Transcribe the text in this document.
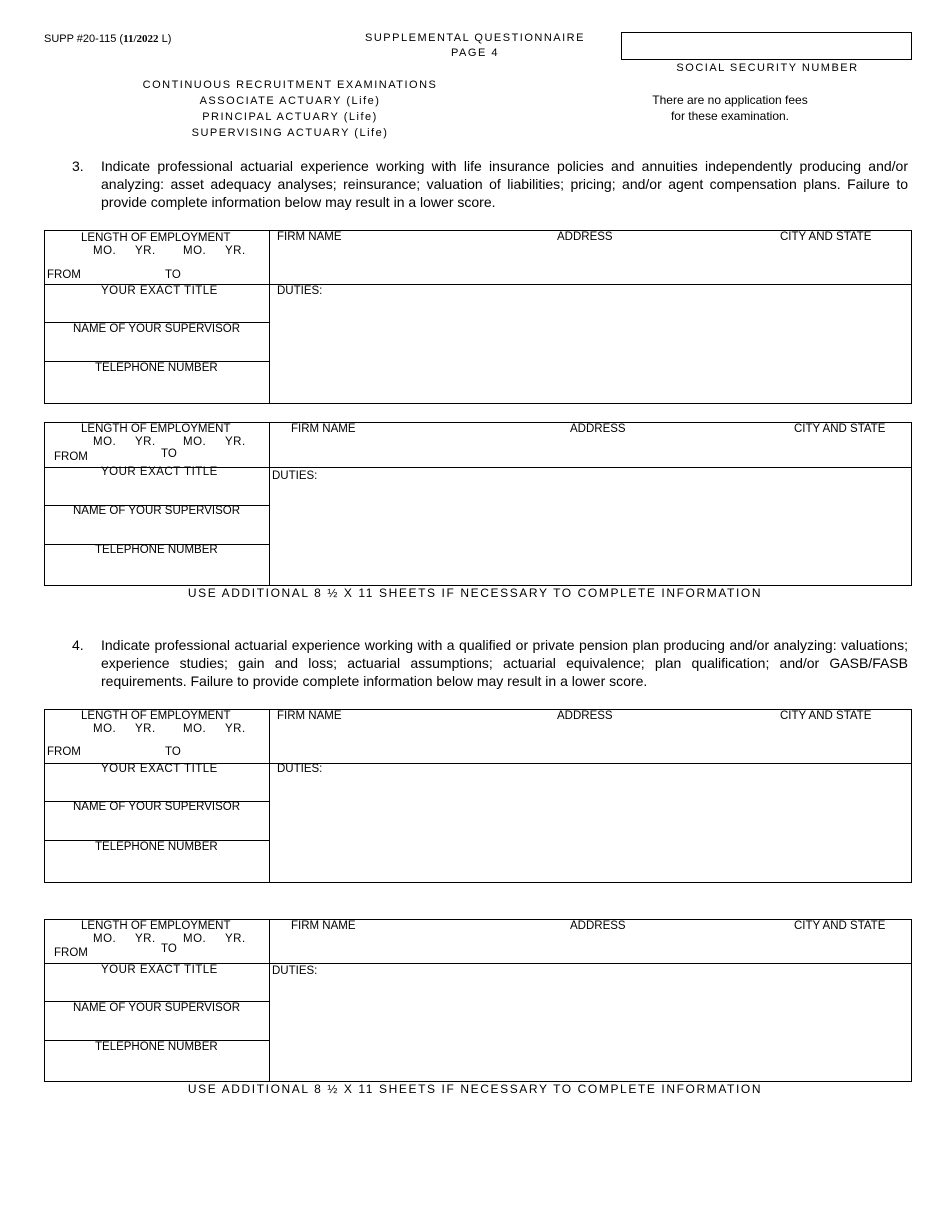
SUPP #20-115 (11/2022 L)	SUPPLEMENTAL QUESTIONNAIRE
PAGE 4
SOCIAL SECURITY NUMBER
CONTINUOUS RECRUITMENT EXAMINATIONS
ASSOCIATE ACTUARY (Life)
PRINCIPAL ACTUARY (Life)
SUPERVISING ACTUARY (Life)
There are no application fees
for these examination.
3. Indicate professional actuarial experience working with life insurance policies and annuities independently producing and/or analyzing: asset adequacy analyses; reinsurance; valuation of liabilities; pricing; and/or agent compensation plans. Failure to provide complete information below may result in a lower score.
LENGTH OF EMPLOYMENT
MO. YR. MO. YR.
FROM	TO
FIRM NAME	ADDRESS	CITY AND STATE
YOUR EXACT TITLE
NAME OF YOUR SUPERVISOR
TELEPHONE NUMBER
DUTIES:
LENGTH OF EMPLOYMENT
MO. YR. MO. YR.
FROM	TO
FIRM NAME	ADDRESS	CITY AND STATE
YOUR EXACT TITLE
NAME OF YOUR SUPERVISOR
TELEPHONE NUMBER
DUTIES:
USE ADDITIONAL 8 ½ X 11 SHEETS IF NECESSARY TO COMPLETE INFORMATION
4. Indicate professional actuarial experience working with a qualified or private pension plan producing and/or analyzing: valuations; experience studies; gain and loss; actuarial assumptions; actuarial equivalence; plan qualification; and/or GASB/FASB requirements. Failure to provide complete information below may result in a lower score.
LENGTH OF EMPLOYMENT
MO. YR. MO. YR.
FROM	TO
FIRM NAME	ADDRESS	CITY AND STATE
YOUR EXACT TITLE
NAME OF YOUR SUPERVISOR
TELEPHONE NUMBER
DUTIES:
LENGTH OF EMPLOYMENT
MO. YR. MO. YR.
FROM	TO
FIRM NAME	ADDRESS	CITY AND STATE
YOUR EXACT TITLE
NAME OF YOUR SUPERVISOR
TELEPHONE NUMBER
DUTIES:
USE ADDITIONAL 8 ½ X 11 SHEETS IF NECESSARY TO COMPLETE INFORMATION
